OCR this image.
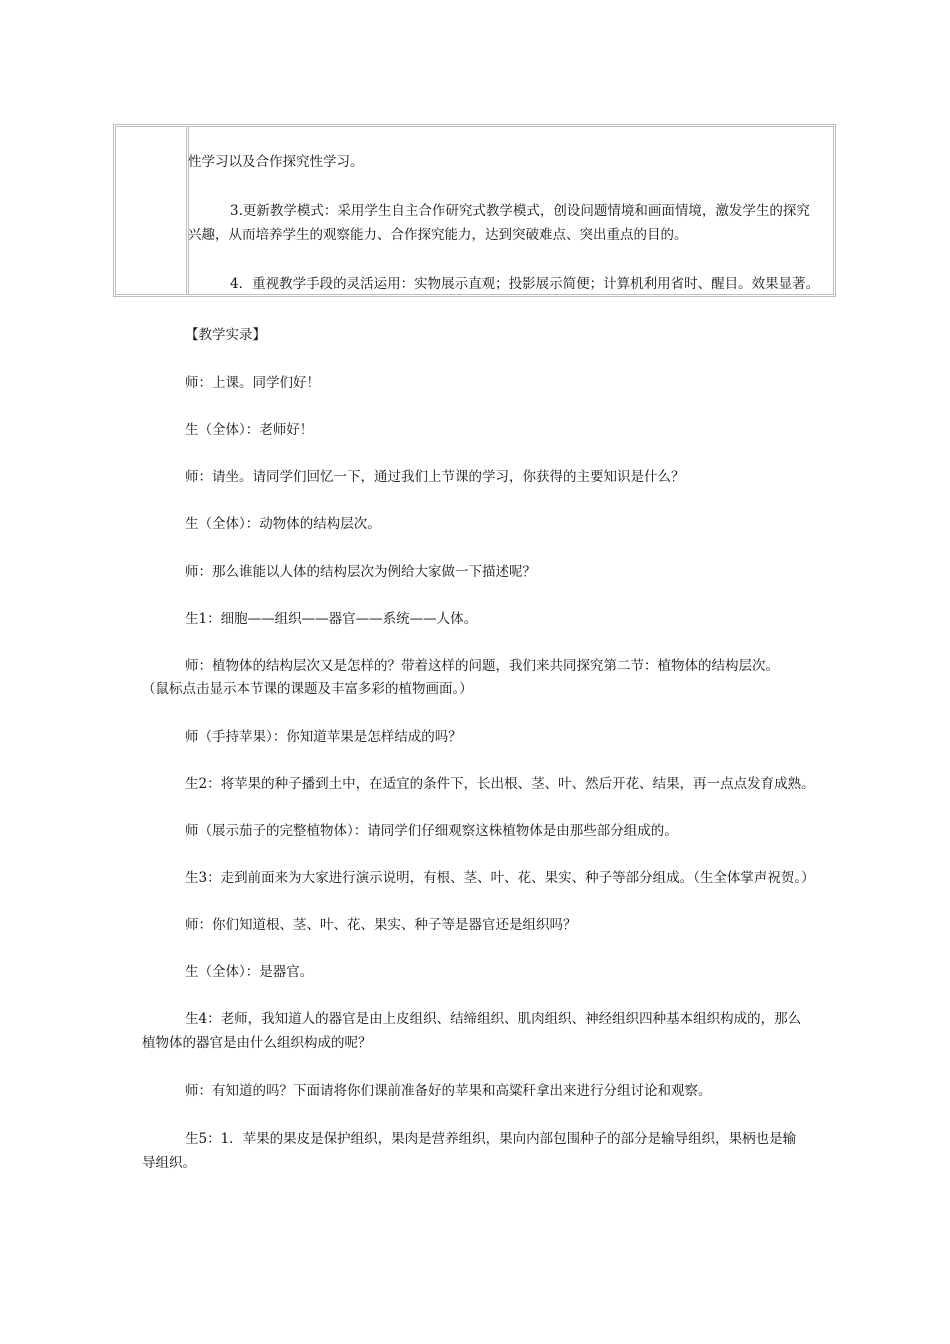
性学习以及合作探究性学习。
3.更新教学模式：采用学生自主合作研究式教学模式，创设问题情境和画面情境，激发学生的探究
兴趣，从而培养学生的观察能力、合作探究能力，达到突破难点、突出重点的目的。
4．重视教学手段的灵活运用：实物展示直观；投影展示简便；计算机利用省时、醒目。效果显著。
【教学实录】
师：上课。同学们好！
生（全体）：老师好！
师：请坐。请同学们回忆一下，通过我们上节课的学习，你获得的主要知识是什么？
生（全体）：动物体的结构层次。
师：那么谁能以人体的结构层次为例给大家做一下描述呢？
生1：细胞——组织——器官——系统——人体。
师：植物体的结构层次又是怎样的？带着这样的问题，我们来共同探究第二节：植物体的结构层次。
（鼠标点击显示本节课的课题及丰富多彩的植物画面。）
师（手持苹果）：你知道苹果是怎样结成的吗？
生2：将苹果的种子播到土中，在适宜的条件下，长出根、茎、叶、然后开花、结果，再一点点发育成熟。
师（展示茄子的完整植物体）：请同学们仔细观察这株植物体是由那些部分组成的。
生3：走到前面来为大家进行演示说明，有根、茎、叶、花、果实、种子等部分组成。（生全体掌声祝贺。）
师：你们知道根、茎、叶、花、果实、种子等是器官还是组织吗？
生（全体）：是器官。
生4：老师，我知道人的器官是由上皮组织、结缔组织、肌肉组织、神经组织四种基本组织构成的，那么
植物体的器官是由什么组织构成的呢？
师：有知道的吗？下面请将你们课前准备好的苹果和高粱秆拿出来进行分组讨论和观察。
生5：1．苹果的果皮是保护组织，果肉是营养组织，果向内部包围种子的部分是输导组织，果柄也是输
导组织。
